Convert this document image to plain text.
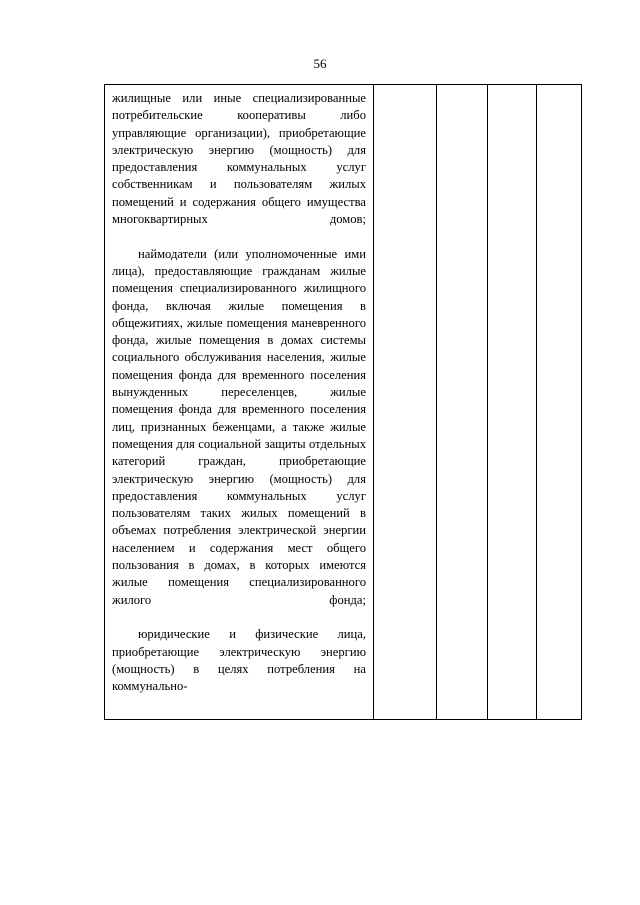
56

жилищные или иные специализированные потребительские кооперативы либо управляющие организации), приобретающие электрическую энергию (мощность) для предоставления коммунальных услуг собственникам и пользователям жилых помещений и содержания общего имущества многоквартирных домов;

наймодатели (или уполномоченные ими лица), предоставляющие гражданам жилые помещения специализированного жилищного фонда, включая жилые помещения в общежитиях, жилые помещения маневренного фонда, жилые помещения в домах системы социального обслуживания населения, жилые помещения фонда для временного поселения вынужденных переселенцев, жилые помещения фонда для временного поселения лиц, признанных беженцами, а также жилые помещения для социальной защиты отдельных категорий граждан, приобретающие электрическую энергию (мощность) для предоставления коммунальных услуг пользователям таких жилых помещений в объемах потребления электрической энергии населением и содержания мест общего пользования в домах, в которых имеются жилые помещения специализированного жилого фонда;

юридические и физические лица, приобретающие электрическую энергию (мощность) в целях потребления на коммунально-
